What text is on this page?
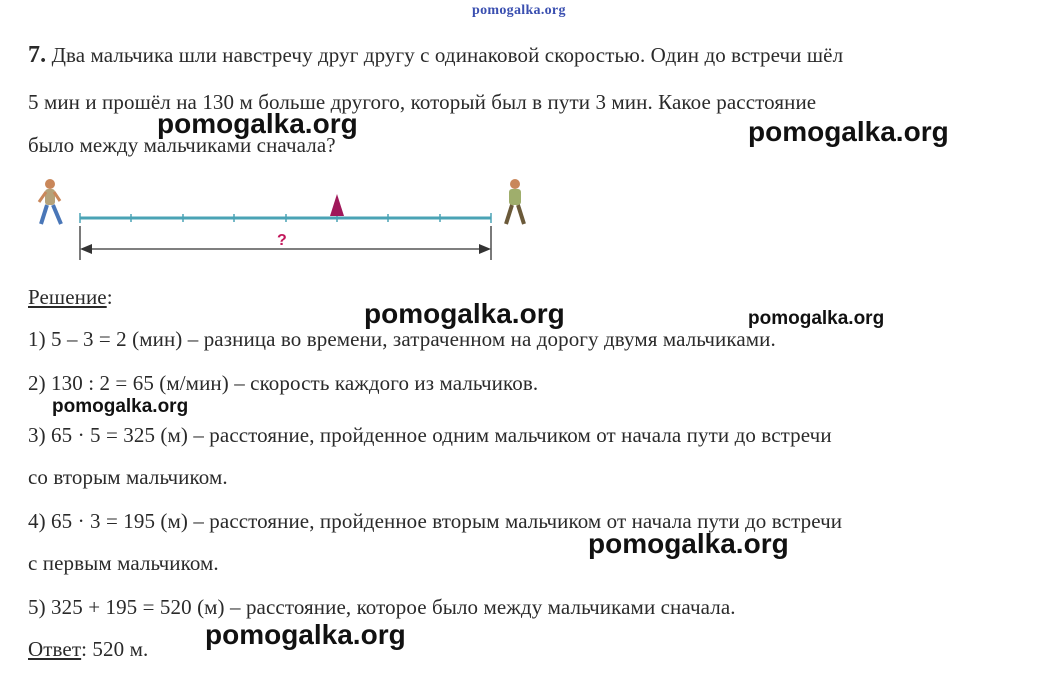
pomogalka.org
7. Два мальчика шли навстречу друг другу с одинаковой скоростью. Один до встречи шёл
5 мин и прошёл на 130 м больше другого, который был в пути 3 мин. Какое расстояние
было между мальчиками сначала?
?
Решение:
1) 5 – 3 = 2 (мин) – разница во времени, затраченном на дорогу двумя мальчиками.
2) 130 : 2 = 65 (м/мин) – скорость каждого из мальчиков.
3) 65 · 5 = 325 (м) – расстояние, пройденное одним мальчиком от начала пути до встречи
со вторым мальчиком.
4) 65 · 3 = 195 (м) – расстояние, пройденное вторым мальчиком от начала пути до встречи
с первым мальчиком.
5) 325 + 195 = 520 (м) – расстояние, которое было между мальчиками сначала.
Ответ: 520 м.
pomogalka.org	pomogalka.org
pomogalka.org	pomogalka.org
pomogalka.org
pomogalka.org
pomogalka.org
